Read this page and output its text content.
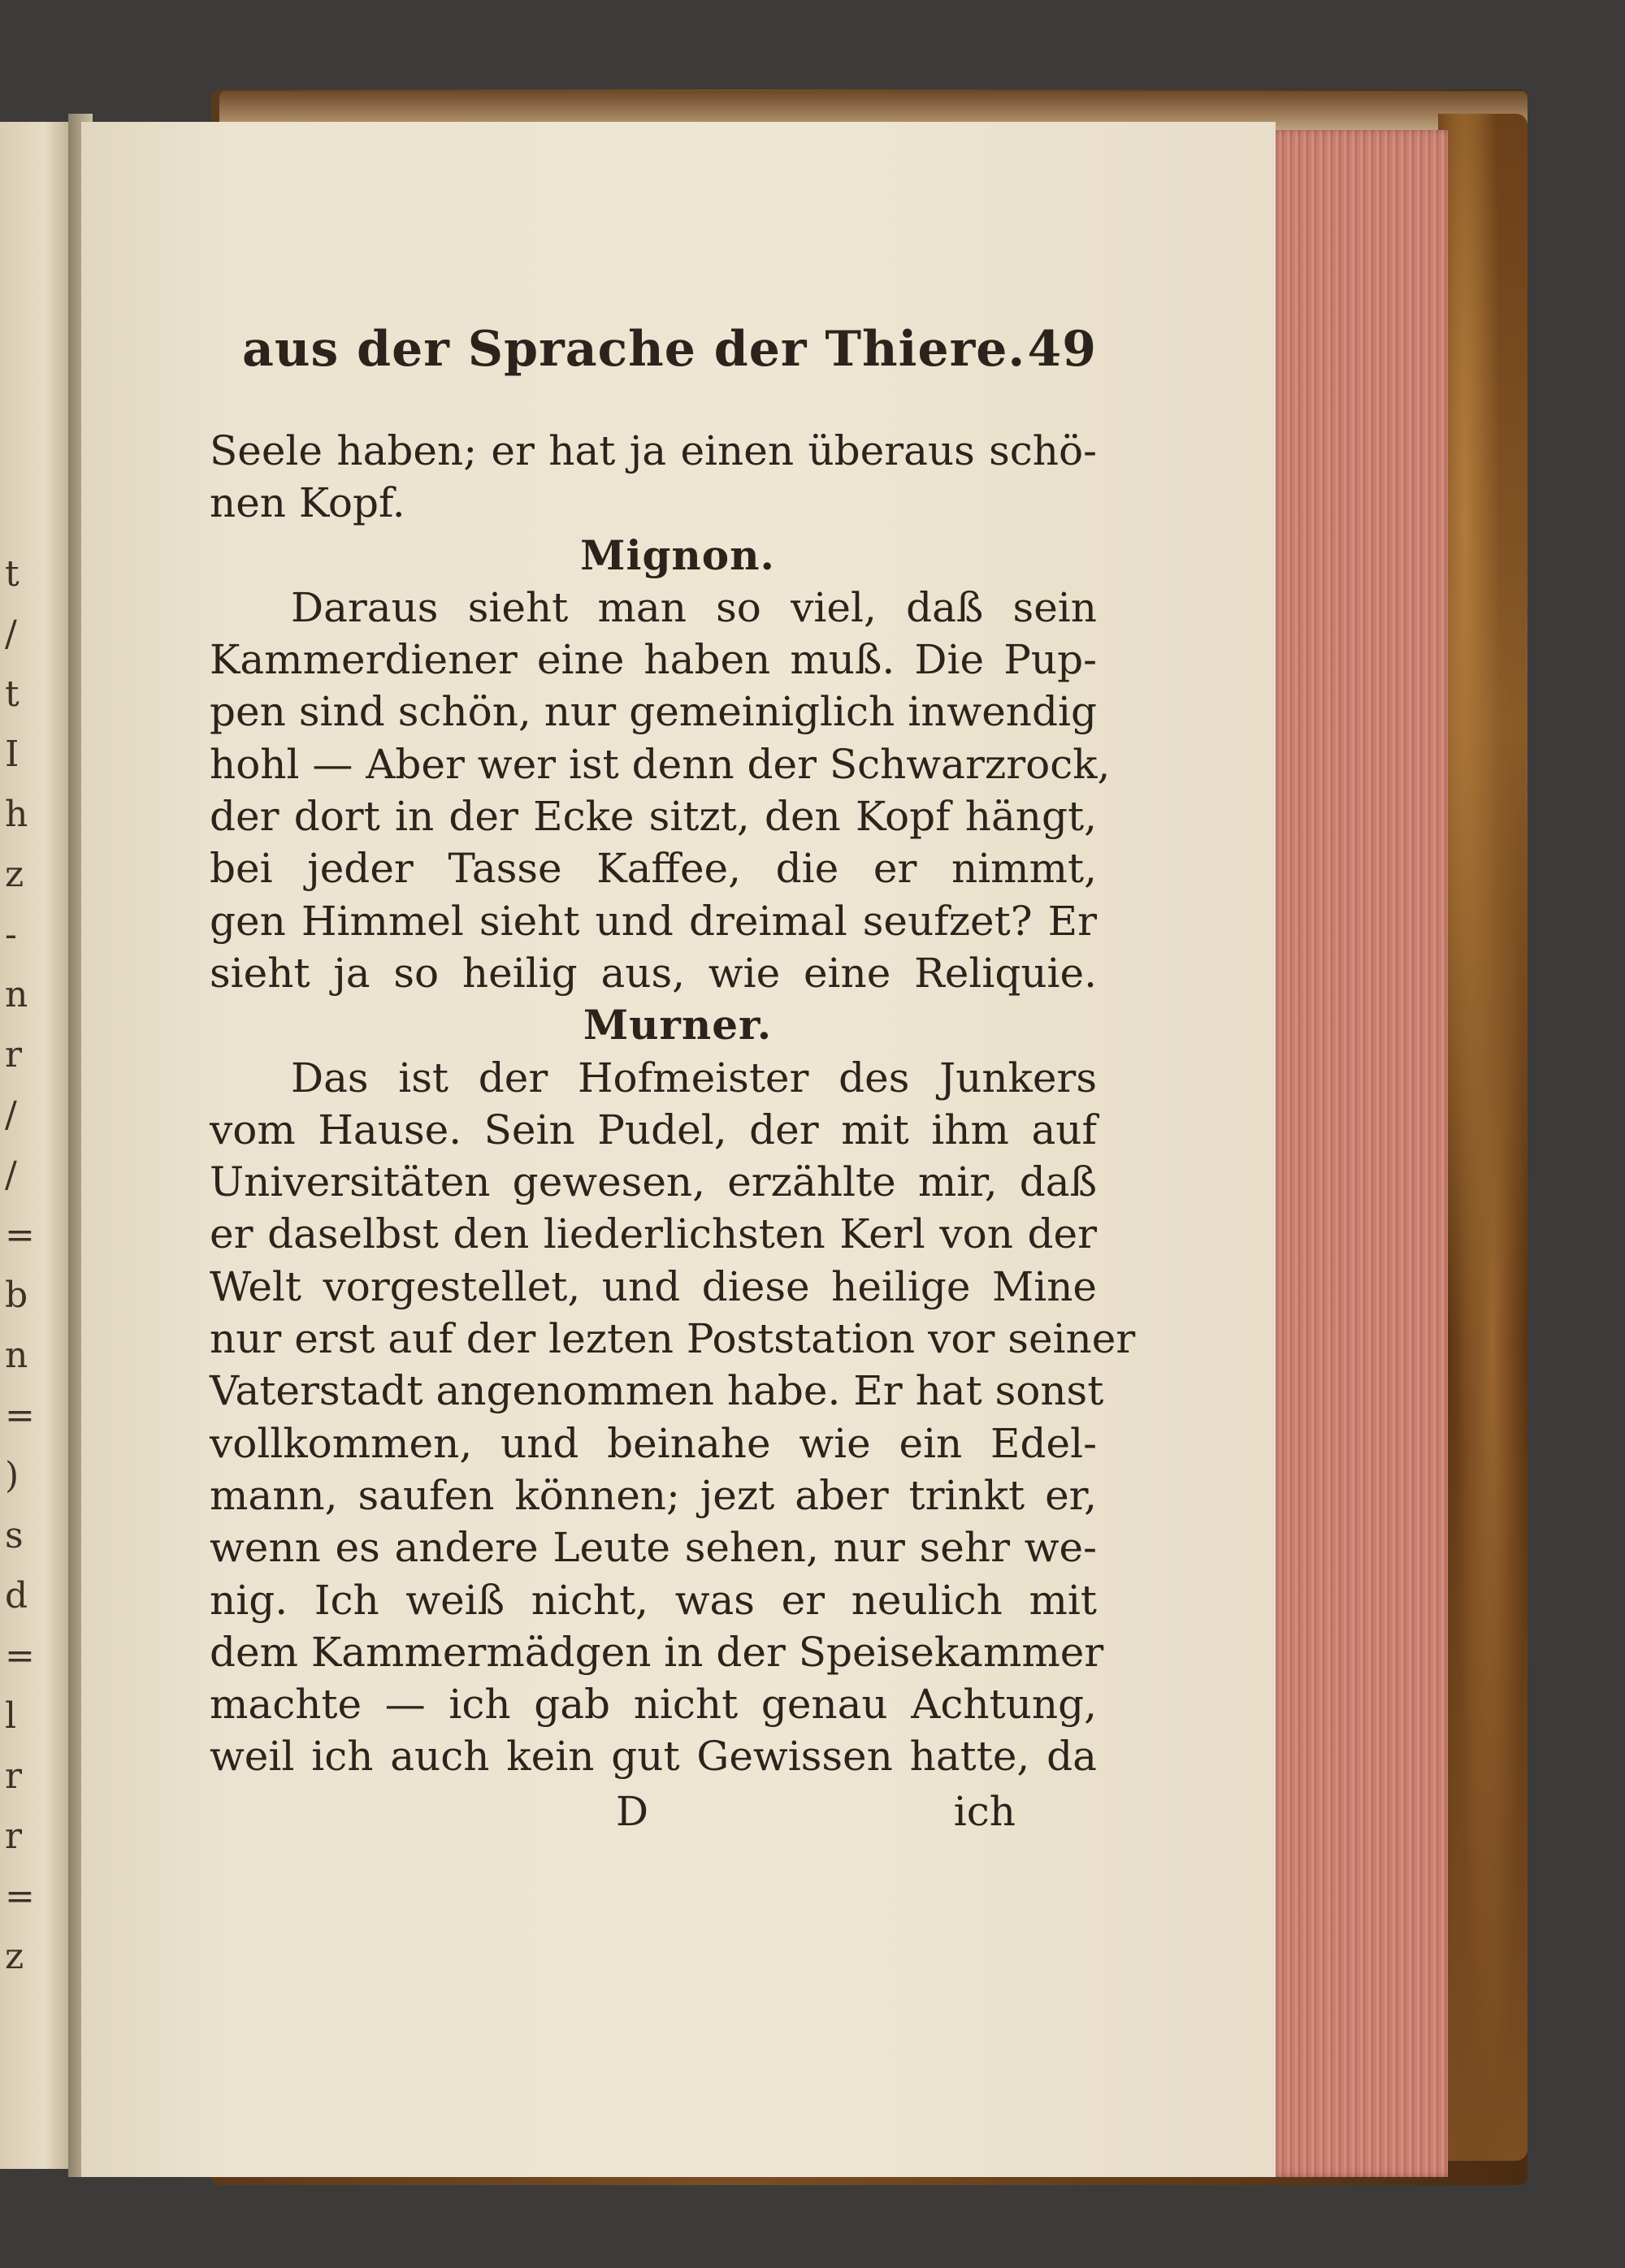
t
/
t
I
h
z
-
n
r
/
/
=
b
n
=
)
s
d
=
l
r
r
=
z
aus der Sprache der Thiere. 49
Seele haben; er hat ja einen überaus schö-
nen Kopf.
Mignon.
Daraus sieht man so viel, daß sein
Kammerdiener eine haben muß. Die Pup-
pen sind schön, nur gemeiniglich inwendig
hohl — Aber wer ist denn der Schwarzrock,
der dort in der Ecke sitzt, den Kopf hängt,
bei jeder Tasse Kaffee, die er nimmt,
gen Himmel sieht und dreimal seufzet? Er
sieht ja so heilig aus, wie eine Reliquie.
Murner.
Das ist der Hofmeister des Junkers
vom Hause. Sein Pudel, der mit ihm auf
Universitäten gewesen, erzählte mir, daß
er daselbst den liederlichsten Kerl von der
Welt vorgestellet, und diese heilige Mine
nur erst auf der lezten Poststation vor seiner
Vaterstadt angenommen habe. Er hat sonst
vollkommen, und beinahe wie ein Edel-
mann, saufen können; jezt aber trinkt er,
wenn es andere Leute sehen, nur sehr we-
nig. Ich weiß nicht, was er neulich mit
dem Kammermädgen in der Speisekammer
machte — ich gab nicht genau Achtung,
weil ich auch kein gut Gewissen hatte, da
D	ich
